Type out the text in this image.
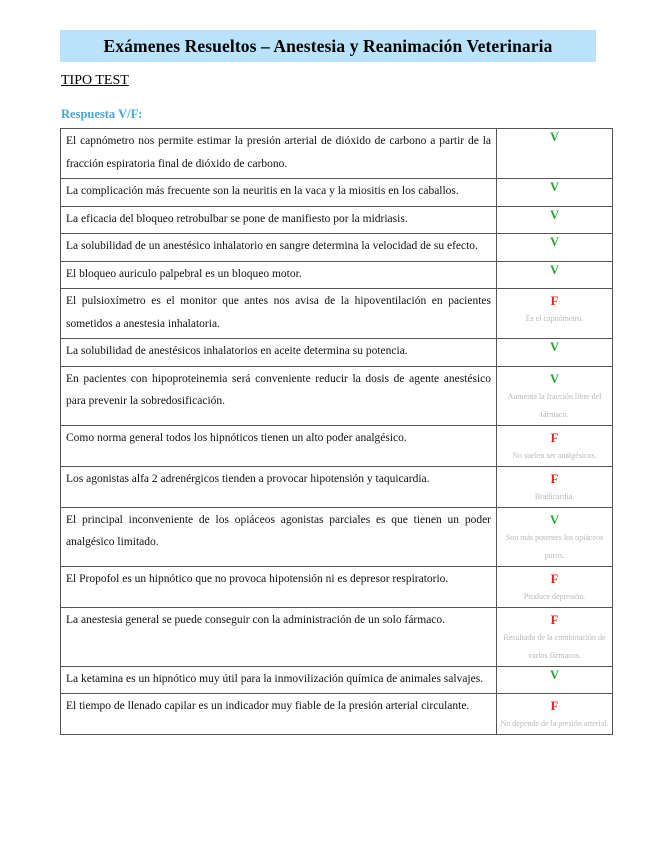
Exámenes Resueltos – Anestesia y Reanimación Veterinaria
TIPO TEST
Respuesta V/F:
El capnómetro nos permite estimar la presión arterial de dióxido de carbono a partir de la fracción espiratoria final de dióxido de carbono.	V

La complicación más frecuente son la neuritis en la vaca y la miositis en los caballos.	V

La eficacia del bloqueo retrobulbar se pone de manifiesto por la midriasis.	V

La solubilidad de un anestésico inhalatorio en sangre determina la velocidad de su efecto.	V

El bloqueo auriculo palpebral es un bloqueo motor.	V

El pulsioxímetro es el monitor que antes nos avisa de la hipoventilación en pacientes sometidos a anestesia inhalatoria.	F
Es el capnómetro.

La solubilidad de anestésicos inhalatorios en aceite determina su potencia.	V

En pacientes con hipoproteinemia será conveniente reducir la dosis de agente anestésico para prevenir la sobredosificación.	V
Aumenta la fracción libre del fármaco.

Como norma general todos los hipnóticos tienen un alto poder analgésico.	F
No suelen ser analgésicos.

Los agonistas alfa 2 adrenérgicos tienden a provocar hipotensión y taquicardia.	F
Bradicardia.

El principal inconveniente de los opiáceos agonistas parciales es que tienen un poder analgésico limitado.	V
Son más potentes los opiáceos puros.

El Propofol es un hipnótico que no provoca hipotensión ni es depresor respiratorio.	F
Produce depresión.

La anestesia general se puede conseguir con la administración de un solo fármaco.	F
Resultado de la combinación de varios fármacos.

La ketamina es un hipnótico muy útil para la inmovilización química de animales salvajes.	V

El tiempo de llenado capilar es un indicador muy fiable de la presión arterial circulante.	F
No depende de la presión arterial.
